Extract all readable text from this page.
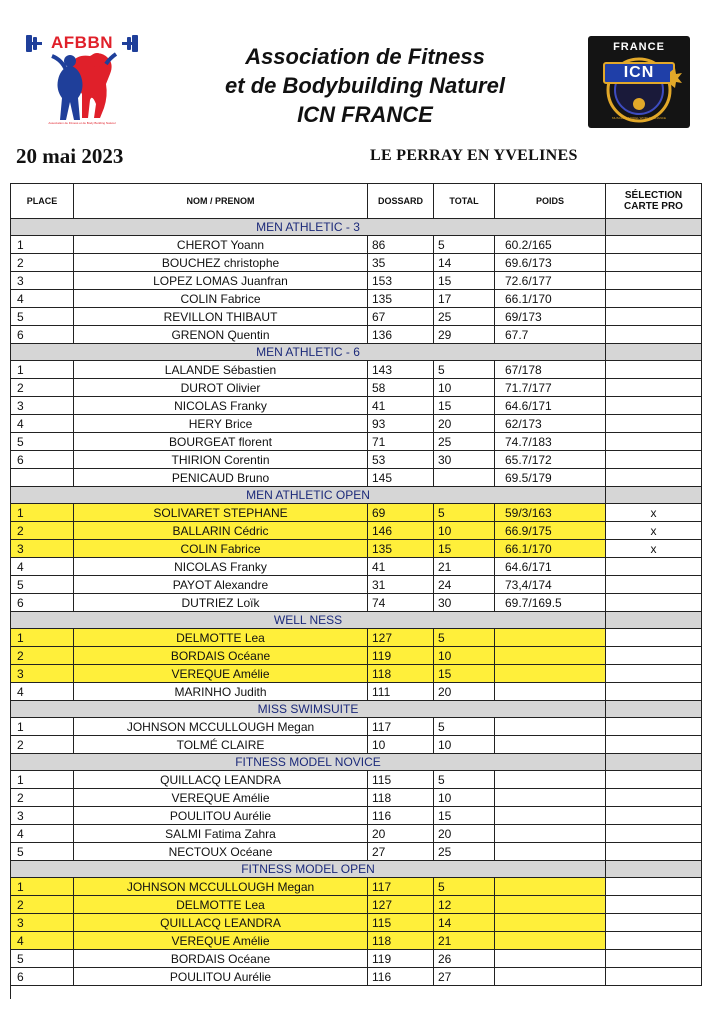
AFBBN
Association de Fitness et de Body Building Naturel
Association de Fitness
et de Bodybuilding Naturel
ICN FRANCE
FRANCE
ICN
MUSCLE & MODEL WORLD ALLIANCE
20 mai 2023	LE PERRAY EN YVELINES
PLACE	NOM / PRENOM	DOSSARD	TOTAL	POIDS	SÉLECTION
CARTE PRO
MEN ATHLETIC - 3					
1	CHEROT Yoann	86	5	60.2/165	
2	BOUCHEZ christophe	35	14	69.6/173	
3	LOPEZ LOMAS Juanfran	153	15	72.6/177	
4	COLIN Fabrice	135	17	66.1/170	
5	REVILLON THIBAUT	67	25	69/173	
6	GRENON Quentin	136	29	67.7	
MEN ATHLETIC - 6					
1	LALANDE Sébastien	143	5	67/178	
2	DUROT Olivier	58	10	71.7/177	
3	NICOLAS Franky	41	15	64.6/171	
4	HERY Brice	93	20	62/173	
5	BOURGEAT florent	71	25	74.7/183	
6	THIRION Corentin	53	30	65.7/172	
	PENICAUD Bruno	145		69.5/179	
MEN ATHLETIC OPEN					
1	SOLIVARET STEPHANE	69	5	59/3/163	x
2	BALLARIN Cédric	146	10	66.9/175	x
3	COLIN Fabrice	135	15	66.1/170	x
4	NICOLAS Franky	41	21	64.6/171	
5	PAYOT Alexandre	31	24	73,4/174	
6	DUTRIEZ Loïk	74	30	69.7/169.5	
WELL NESS					
1	DELMOTTE Lea	127	5		
2	BORDAIS Océane	119	10		
3	VEREQUE Amélie	118	15		
4	MARINHO Judith	111	20		
MISS SWIMSUITE					
1	JOHNSON MCCULLOUGH Megan	117	5		
2	TOLMÉ CLAIRE	10	10		
FITNESS MODEL NOVICE					
1	QUILLACQ LEANDRA	115	5		
2	VEREQUE Amélie	118	10		
3	POULITOU Aurélie	116	15		
4	SALMI Fatima Zahra	20	20		
5	NECTOUX Océane	27	25		
FITNESS MODEL OPEN					
1	JOHNSON MCCULLOUGH Megan	117	5		
2	DELMOTTE Lea	127	12		
3	QUILLACQ LEANDRA	115	14		
4	VEREQUE Amélie	118	21		
5	BORDAIS Océane	119	26		
6	POULITOU Aurélie	116	27		
